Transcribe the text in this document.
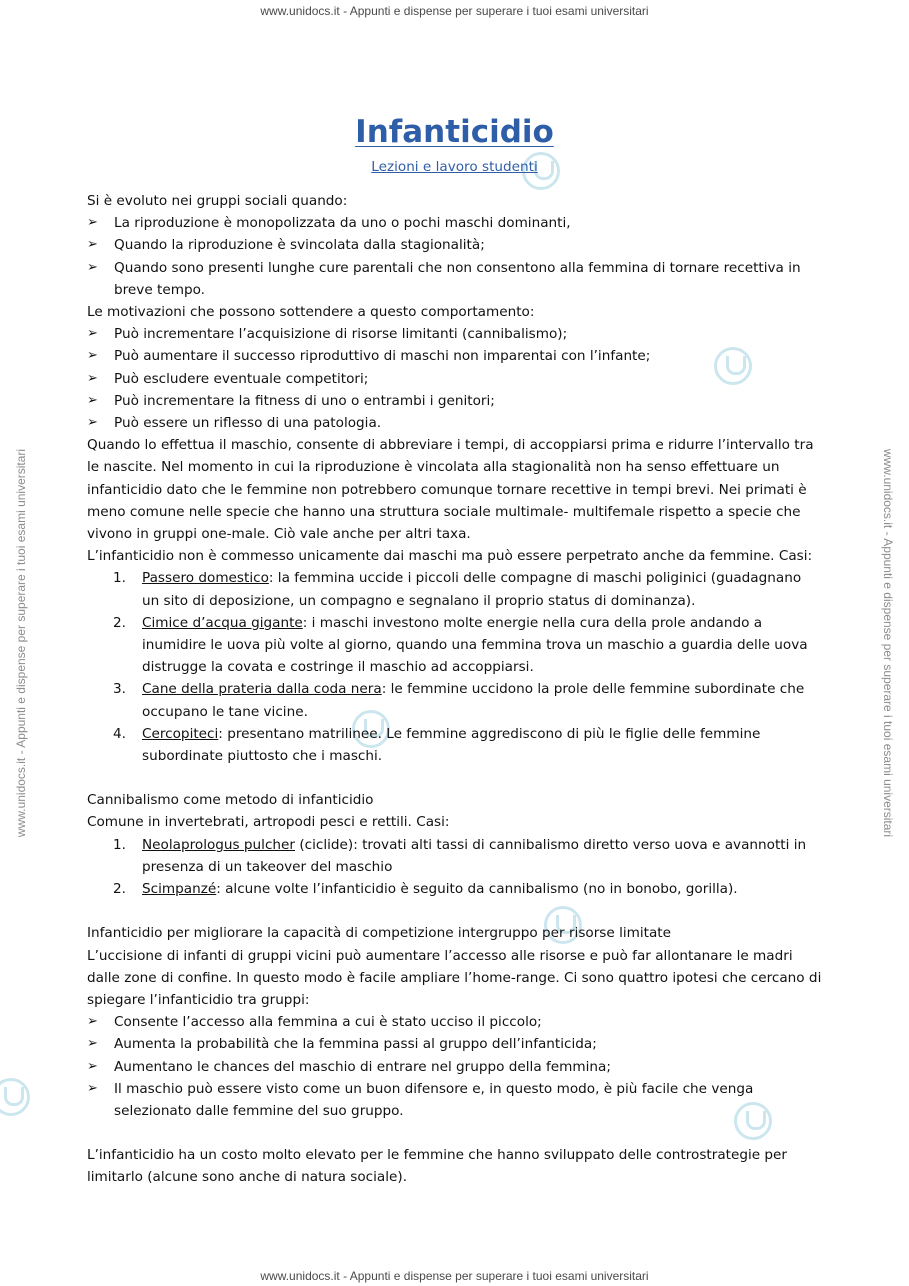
www.unidocs.it - Appunti e dispense per superare i tuoi esami universitari
www.unidocs.it - Appunti e dispense per superare i tuoi esami universitari
www.unidocs.it - Appunti e dispense per superare i tuoi esami universitari	www.unidocs.it - Appunti e dispense per superare i tuoi esami universitari
Infanticidio
Lezioni e lavoro studenti

Si è evoluto nei gruppi sociali quando:

➢ La riproduzione è monopolizzata da uno o pochi maschi dominanti,
➢ Quando la riproduzione è svincolata dalla stagionalità;
➢ Quando sono presenti lunghe cure parentali che non consentono alla femmina di tornare recettiva in breve tempo.

Le motivazioni che possono sottendere a questo comportamento:

➢ Può incrementare l’acquisizione di risorse limitanti (cannibalismo);
➢ Può aumentare il successo riproduttivo di maschi non imparentai con l’infante;
➢ Può escludere eventuale competitori;
➢ Può incrementare la fitness di uno o entrambi i genitori;
➢ Può essere un riflesso di una patologia.

Quando lo effettua il maschio, consente di abbreviare i tempi, di accoppiarsi prima e ridurre l’intervallo tra le nascite. Nel momento in cui la riproduzione è vincolata alla stagionalità non ha senso effettuare un infanticidio dato che le femmine non potrebbero comunque tornare recettive in tempi brevi. Nei primati è meno comune nelle specie che hanno una struttura sociale multimale- multifemale rispetto a specie che vivono in gruppi one-male. Ciò vale anche per altri taxa.

L’infanticidio non è commesso unicamente dai maschi ma può essere perpetrato anche da femmine. Casi:

1. Passero domestico: la femmina uccide i piccoli delle compagne di maschi poliginici (guadagnano un sito di deposizione, un compagno e segnalano il proprio status di dominanza).
2. Cimice d’acqua gigante: i maschi investono molte energie nella cura della prole andando a inumidire le uova più volte al giorno, quando una femmina trova un maschio a guardia delle uova distrugge la covata e costringe il maschio ad accoppiarsi.
3. Cane della prateria dalla coda nera: le femmine uccidono la prole delle femmine subordinate che occupano le tane vicine.
4. Cercopiteci: presentano matrilinee. Le femmine aggrediscono di più le figlie delle femmine subordinate piuttosto che i maschi.

Cannibalismo come metodo di infanticidio

Comune in invertebrati, artropodi pesci e rettili. Casi:

1. Neolaprologus pulcher (ciclide): trovati alti tassi di cannibalismo diretto verso uova e avannotti in presenza di un takeover del maschio
2. Scimpanzé: alcune volte l’infanticidio è seguito da cannibalismo (no in bonobo, gorilla).

Infanticidio per migliorare la capacità di competizione intergruppo per risorse limitate

L’uccisione di infanti di gruppi vicini può aumentare l’accesso alle risorse e può far allontanare le madri dalle zone di confine. In questo modo è facile ampliare l’home-range. Ci sono quattro ipotesi che cercano di spiegare l’infanticidio tra gruppi:

➢ Consente l’accesso alla femmina a cui è stato ucciso il piccolo;
➢ Aumenta la probabilità che la femmina passi al gruppo dell’infanticida;
➢ Aumentano le chances del maschio di entrare nel gruppo della femmina;
➢ Il maschio può essere visto come un buon difensore e, in questo modo, è più facile che venga selezionato dalle femmine del suo gruppo.

L’infanticidio ha un costo molto elevato per le femmine che hanno sviluppato delle controstrategie per limitarlo (alcune sono anche di natura sociale).
